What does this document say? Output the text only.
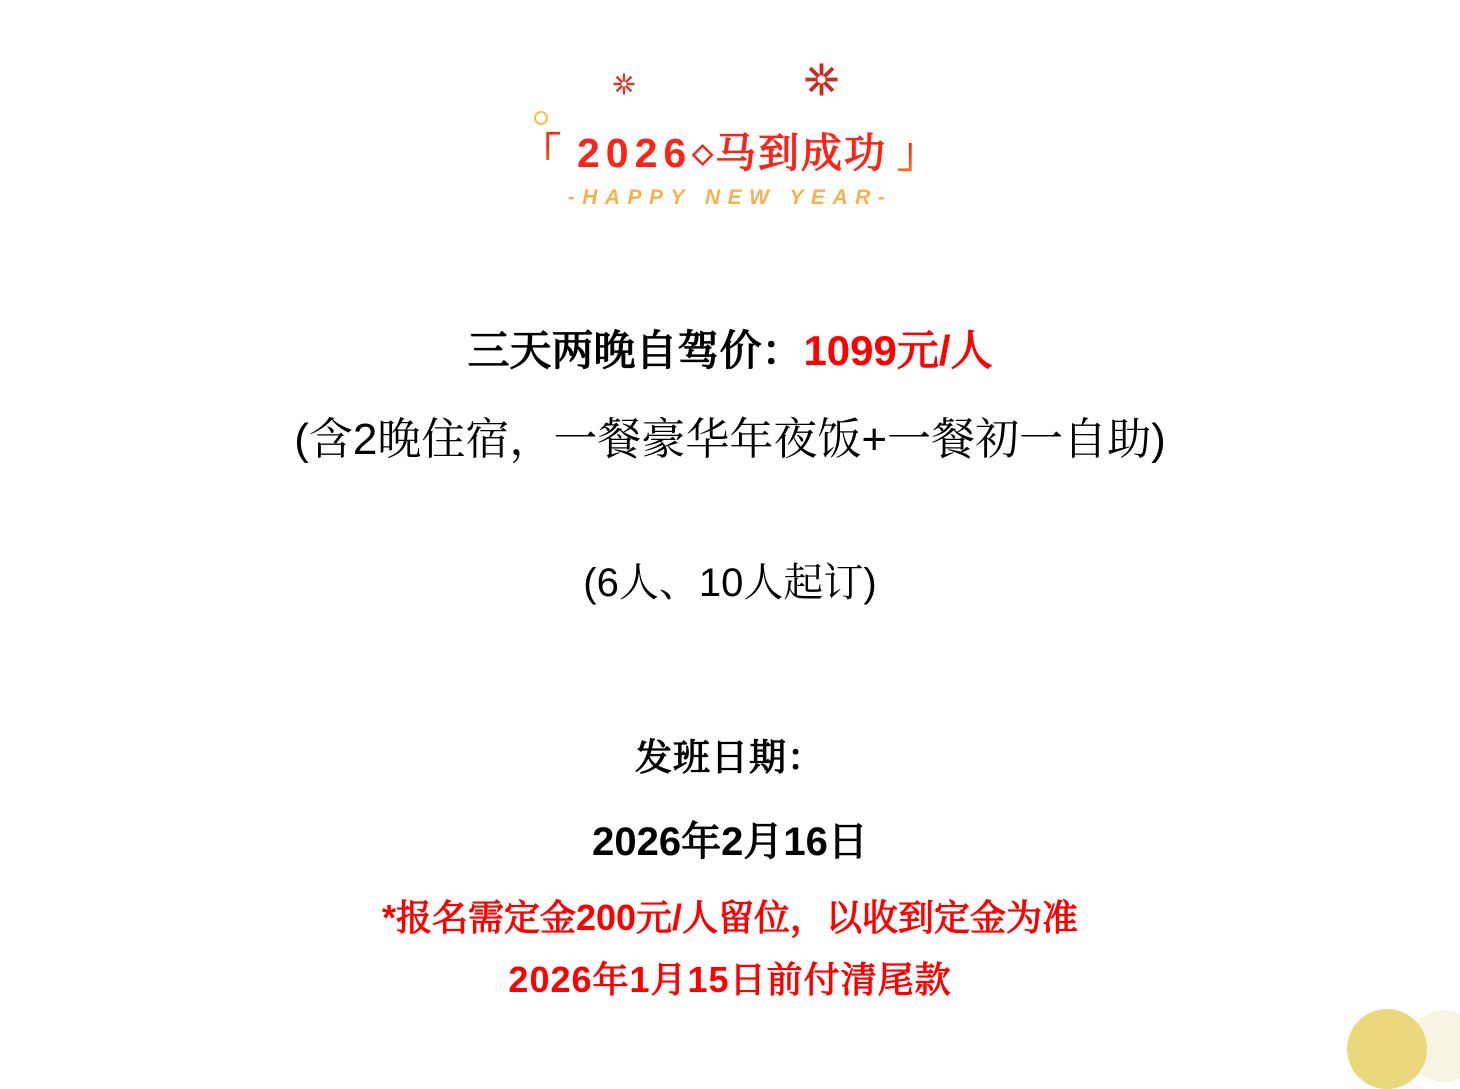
「 2026◇马到成功 」
-HAPPY NEW YEAR-
三天两晚自驾价：1099元/人
(含2晚住宿，一餐豪华年夜饭+一餐初一自助)
(6人、10人起订)
发班日期：
2026年2月16日
*报名需定金200元/人留位，以收到定金为准
2026年1月15日前付清尾款
